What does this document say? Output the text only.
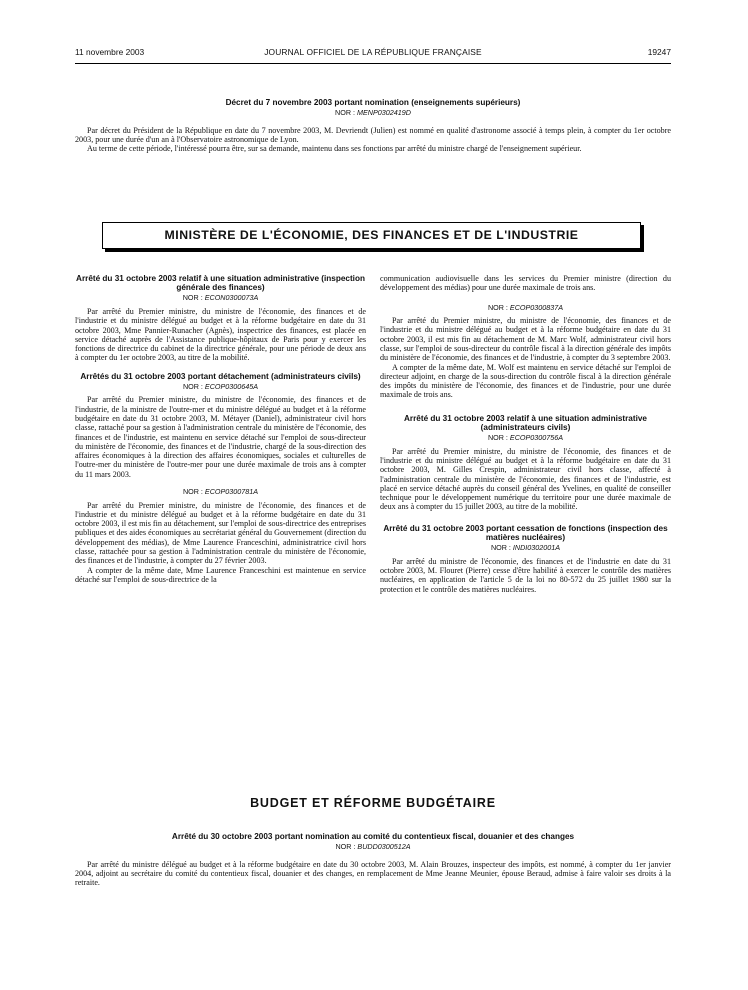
11 novembre 2003	JOURNAL OFFICIEL DE LA RÉPUBLIQUE FRANÇAISE	19247
Décret du 7 novembre 2003 portant nomination (enseignements supérieurs)
NOR : MENP0302419D

Par décret du Président de la République en date du 7 novembre 2003, M. Devriendt (Julien) est nommé en qualité d'astronome associé à temps plein, à compter du 1er octobre 2003, pour une durée d'un an à l'Observatoire astronomique de Lyon.

Au terme de cette période, l'intéressé pourra être, sur sa demande, maintenu dans ses fonctions par arrêté du ministre chargé de l'enseignement supérieur.

MINISTÈRE DE L'ÉCONOMIE, DES FINANCES ET DE L'INDUSTRIE
Arrêté du 31 octobre 2003 relatif à une situation administrative (inspection générale des finances)
NOR : ECON0300073A

Par arrêté du Premier ministre, du ministre de l'économie, des finances et de l'industrie et du ministre délégué au budget et à la réforme budgétaire en date du 31 octobre 2003, Mme Pannier-Runacher (Agnès), inspectrice des finances, est placée en service détaché auprès de l'Assistance publique-hôpitaux de Paris pour y exercer les fonctions de directrice du cabinet de la directrice générale, pour une période de deux ans à compter du 1er octobre 2003, au titre de la mobilité.

Arrêtés du 31 octobre 2003 portant détachement (administrateurs civils)
NOR : ECOP0300645A

Par arrêté du Premier ministre, du ministre de l'économie, des finances et de l'industrie, de la ministre de l'outre-mer et du ministre délégué au budget et à la réforme budgétaire en date du 31 octobre 2003, M. Métayer (Daniel), administrateur civil hors classe, rattaché pour sa gestion à l'administration centrale du ministère de l'économie, des finances et de l'industrie, est maintenu en service détaché sur l'emploi de sous-directeur du ministère de l'économie, des finances et de l'industrie, chargé de la sous-direction des affaires économiques à la direction des affaires économiques, sociales et culturelles de l'outre-mer du ministère de l'outre-mer pour une durée maximale de trois ans à compter du 11 mars 2003.

NOR : ECOP0300781A

Par arrêté du Premier ministre, du ministre de l'économie, des finances et de l'industrie et du ministre délégué au budget et à la réforme budgétaire en date du 31 octobre 2003, il est mis fin au détachement, sur l'emploi de sous-directrice des entreprises publiques et des aides économiques au secrétariat général du Gouvernement (direction du développement des médias), de Mme Laurence Franceschini, administratrice civil hors classe, rattachée pour sa gestion à l'administration centrale du ministère de l'économie, des finances et de l'industrie, à compter du 27 février 2003.

A compter de la même date, Mme Laurence Franceschini est maintenue en service détaché sur l'emploi de sous-directrice de la

communication audiovisuelle dans les services du Premier ministre (direction du développement des médias) pour une durée maximale de trois ans.

NOR : ECOP0300837A

Par arrêté du Premier ministre, du ministre de l'économie, des finances et de l'industrie et du ministre délégué au budget et à la réforme budgétaire en date du 31 octobre 2003, il est mis fin au détachement de M. Marc Wolf, administrateur civil hors classe, sur l'emploi de sous-directeur du contrôle fiscal à la direction générale des impôts du ministère de l'économie, des finances et de l'industrie, à compter du 3 septembre 2003.

A compter de la même date, M. Wolf est maintenu en service détaché sur l'emploi de directeur adjoint, en charge de la sous-direction du contrôle fiscal à la direction générale des impôts du ministère de l'économie, des finances et de l'industrie, pour une durée maximale de trois ans.

Arrêté du 31 octobre 2003 relatif à une situation administrative (administrateurs civils)
NOR : ECOP0300756A

Par arrêté du Premier ministre, du ministre de l'économie, des finances et de l'industrie et du ministre délégué au budget et à la réforme budgétaire en date du 31 octobre 2003, M. Gilles Crespin, administrateur civil hors classe, affecté à l'administration centrale du ministère de l'économie, des finances et de l'industrie, est placé en service détaché auprès du conseil général des Yvelines, en qualité de conseiller technique pour le développement numérique du territoire pour une durée maximale de deux ans à compter du 15 juillet 2003, au titre de la mobilité.

Arrêté du 31 octobre 2003 portant cessation de fonctions (inspection des matières nucléaires)
NOR : INDI0302001A

Par arrêté du ministre de l'économie, des finances et de l'industrie en date du 31 octobre 2003, M. Flouret (Pierre) cesse d'être habilité à exercer le contrôle des matières nucléaires, en application de l'article 5 de la loi no 80-572 du 25 juillet 1980 sur la protection et le contrôle des matières nucléaires.

BUDGET ET RÉFORME BUDGÉTAIRE
Arrêté du 30 octobre 2003 portant nomination au comité du contentieux fiscal, douanier et des changes
NOR : BUDD0300512A

Par arrêté du ministre délégué au budget et à la réforme budgétaire en date du 30 octobre 2003, M. Alain Brouzes, inspecteur des impôts, est nommé, à compter du 1er janvier 2004, adjoint au secrétaire du comité du contentieux fiscal, douanier et des changes, en remplacement de Mme Jeanne Meunier, épouse Beraud, admise à faire valoir ses droits à la retraite.
